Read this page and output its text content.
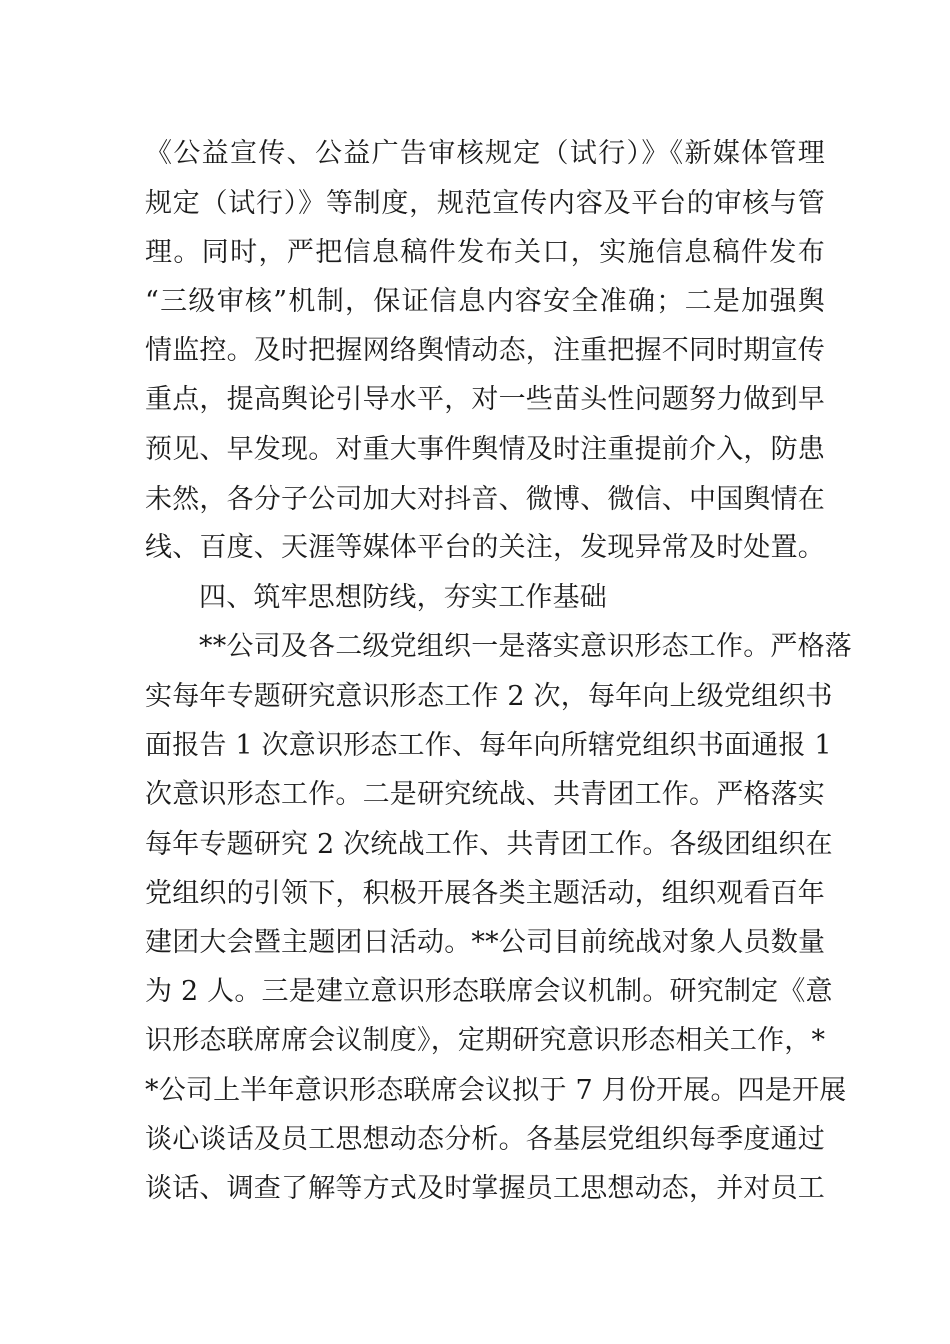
《公益宣传、公益广告审核规定（试行）》《新媒体管理
规定（试行）》等制度，规范宣传内容及平台的审核与管
理。同时，严把信息稿件发布关口，实施信息稿件发布
“三级审核”机制，保证信息内容安全准确；二是加强舆
情监控。及时把握网络舆情动态，注重把握不同时期宣传
重点，提高舆论引导水平，对一些苗头性问题努力做到早
预见、早发现。对重大事件舆情及时注重提前介入，防患
未然，各分子公司加大对抖音、微博、微信、中国舆情在
线、百度、天涯等媒体平台的关注，发现异常及时处置。
四、筑牢思想防线，夯实工作基础
**公司及各二级党组织一是落实意识形态工作。严格落
实每年专题研究意识形态工作 2 次，每年向上级党组织书
面报告 1 次意识形态工作、每年向所辖党组织书面通报 1
次意识形态工作。二是研究统战、共青团工作。严格落实
每年专题研究 2 次统战工作、共青团工作。各级团组织在
党组织的引领下，积极开展各类主题活动，组织观看百年
建团大会暨主题团日活动。**公司目前统战对象人员数量
为 2 人。三是建立意识形态联席会议机制。研究制定《意
识形态联席席会议制度》，定期研究意识形态相关工作，*
*公司上半年意识形态联席会议拟于 7 月份开展。四是开展
谈心谈话及员工思想动态分析。各基层党组织每季度通过
谈话、调查了解等方式及时掌握员工思想动态，并对员工
